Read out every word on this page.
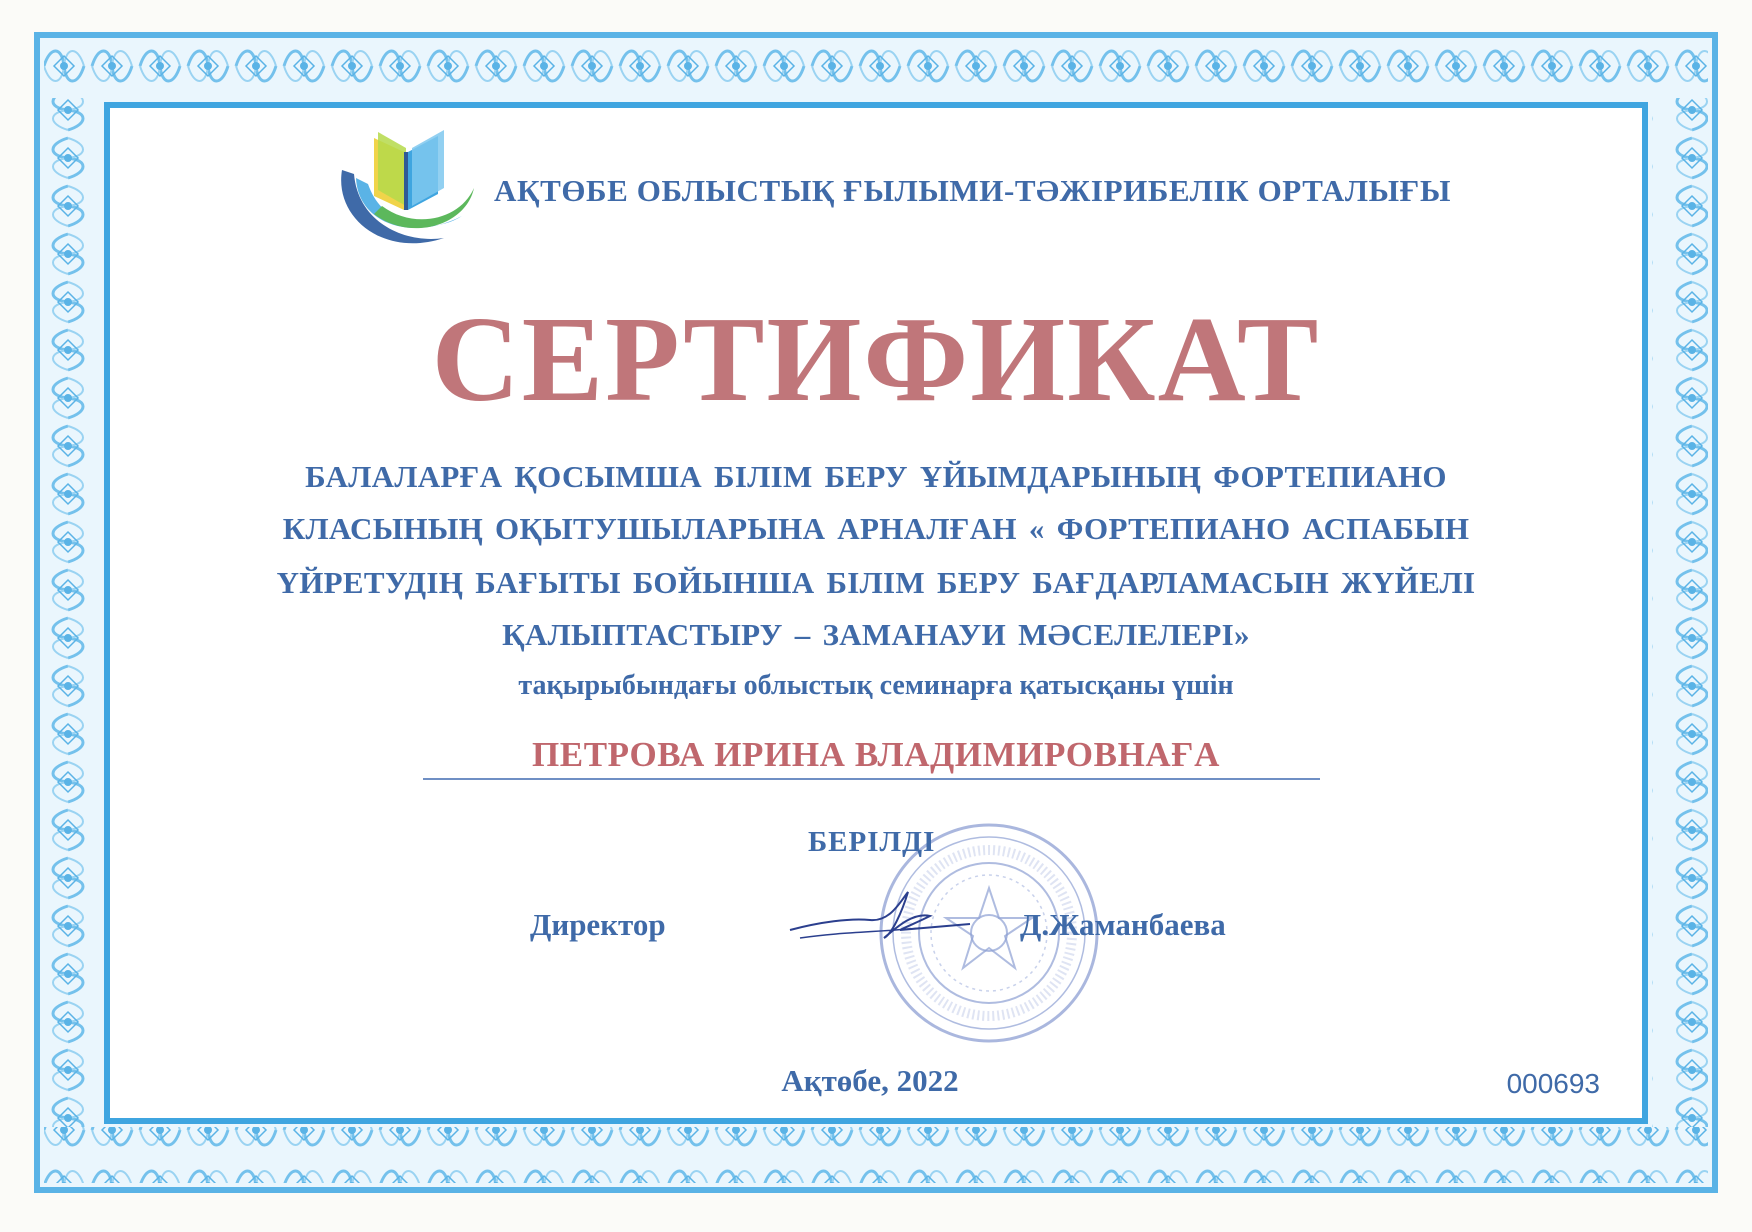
АҚТӨБЕ ОБЛЫСТЫҚ ҒЫЛЫМИ-ТӘЖІРИБЕЛІК ОРТАЛЫҒЫ
СЕРТИФИКАТ
БАЛАЛАРҒА ҚОСЫМША БІЛІМ БЕРУ ҰЙЫМДАРЫНЫҢ ФОРТЕПИАНО
КЛАСЫНЫҢ ОҚЫТУШЫЛАРЫНА АРНАЛҒАН « ФОРТЕПИАНО АСПАБЫН
ҮЙРЕТУДІҢ БАҒЫТЫ БОЙЫНША БІЛІМ БЕРУ БАҒДАРЛАМАСЫН ЖҮЙЕЛІ
ҚАЛЫПТАСТЫРУ – ЗАМАНАУИ МӘСЕЛЕЛЕРІ»
тақырыбындағы облыстық семинарға қатысқаны үшін
ПЕТРОВА ИРИНА ВЛАДИМИРОВНАҒА
БЕРІЛДІ
Директор	Д.Жаманбаева
Ақтөбе, 2022	000693
